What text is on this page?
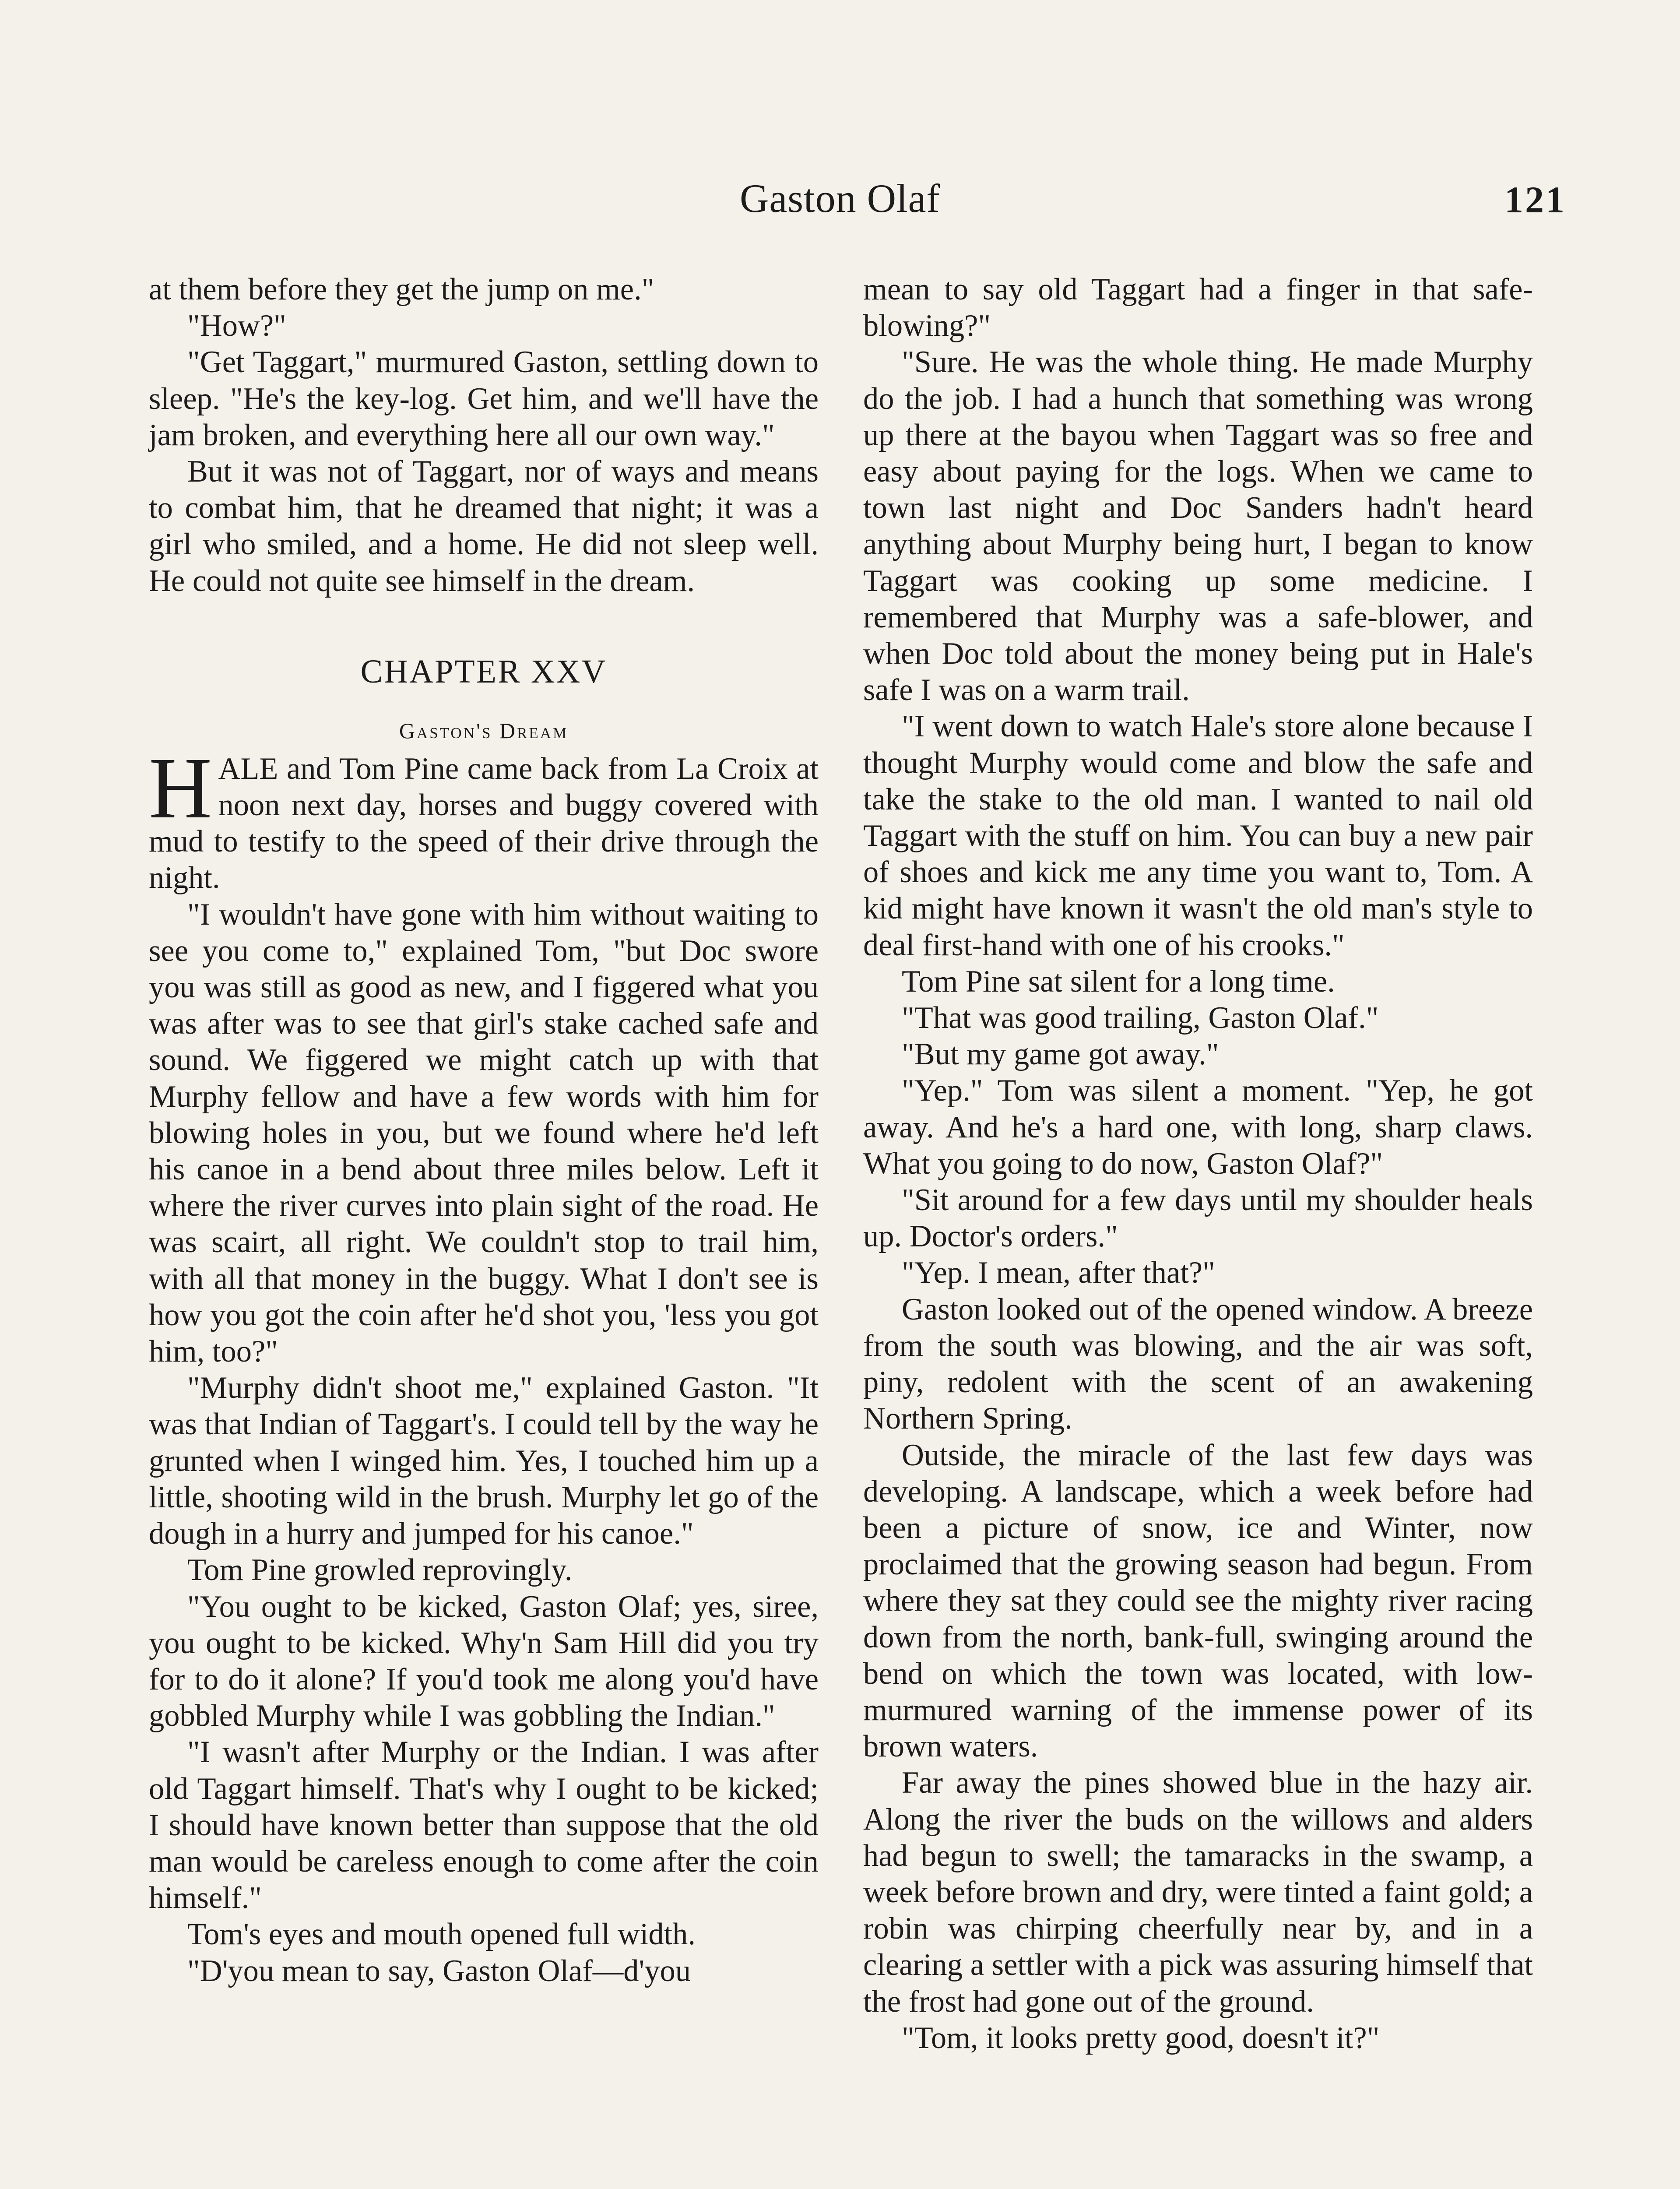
Gaston Olaf	121

at them before they get the jump on me."

"How?"

"Get Taggart," murmured Gaston, settling down to sleep. "He's the key-log. Get him, and we'll have the jam broken, and everything here all our own way."

But it was not of Taggart, nor of ways and means to combat him, that he dreamed that night; it was a girl who smiled, and a home. He did not sleep well. He could not quite see himself in the dream.

CHAPTER XXV
Gaston's Dream

HALE and Tom Pine came back from La Croix at noon next day, horses and buggy covered with mud to testify to the speed of their drive through the night.

"I wouldn't have gone with him without waiting to see you come to," explained Tom, "but Doc swore you was still as good as new, and I figgered what you was after was to see that girl's stake cached safe and sound. We figgered we might catch up with that Murphy fellow and have a few words with him for blowing holes in you, but we found where he'd left his canoe in a bend about three miles below. Left it where the river curves into plain sight of the road. He was scairt, all right. We couldn't stop to trail him, with all that money in the buggy. What I don't see is how you got the coin after he'd shot you, 'less you got him, too?"

"Murphy didn't shoot me," explained Gaston. "It was that Indian of Taggart's. I could tell by the way he grunted when I winged him. Yes, I touched him up a little, shooting wild in the brush. Murphy let go of the dough in a hurry and jumped for his canoe."

Tom Pine growled reprovingly.

"You ought to be kicked, Gaston Olaf; yes, siree, you ought to be kicked. Why'n Sam Hill did you try for to do it alone? If you'd took me along you'd have gobbled Murphy while I was gobbling the Indian."

"I wasn't after Murphy or the Indian. I was after old Taggart himself. That's why I ought to be kicked; I should have known better than suppose that the old man would be careless enough to come after the coin himself."

Tom's eyes and mouth opened full width.

"D'you mean to say, Gaston Olaf—d'you

mean to say old Taggart had a finger in that safe-blowing?"

"Sure. He was the whole thing. He made Murphy do the job. I had a hunch that something was wrong up there at the bayou when Taggart was so free and easy about paying for the logs. When we came to town last night and Doc Sanders hadn't heard anything about Murphy being hurt, I began to know Taggart was cooking up some medicine. I remembered that Murphy was a safe-blower, and when Doc told about the money being put in Hale's safe I was on a warm trail.

"I went down to watch Hale's store alone because I thought Murphy would come and blow the safe and take the stake to the old man. I wanted to nail old Taggart with the stuff on him. You can buy a new pair of shoes and kick me any time you want to, Tom. A kid might have known it wasn't the old man's style to deal first-hand with one of his crooks."

Tom Pine sat silent for a long time.

"That was good trailing, Gaston Olaf."

"But my game got away."

"Yep." Tom was silent a moment. "Yep, he got away. And he's a hard one, with long, sharp claws. What you going to do now, Gaston Olaf?"

"Sit around for a few days until my shoulder heals up. Doctor's orders."

"Yep. I mean, after that?"

Gaston looked out of the opened window. A breeze from the south was blowing, and the air was soft, piny, redolent with the scent of an awakening Northern Spring.

Outside, the miracle of the last few days was developing. A landscape, which a week before had been a picture of snow, ice and Winter, now proclaimed that the growing season had begun. From where they sat they could see the mighty river racing down from the north, bank-full, swinging around the bend on which the town was located, with low-murmured warning of the immense power of its brown waters.

Far away the pines showed blue in the hazy air. Along the river the buds on the willows and alders had begun to swell; the tamaracks in the swamp, a week before brown and dry, were tinted a faint gold; a robin was chirping cheerfully near by, and in a clearing a settler with a pick was assuring himself that the frost had gone out of the ground.

"Tom, it looks pretty good, doesn't it?"
